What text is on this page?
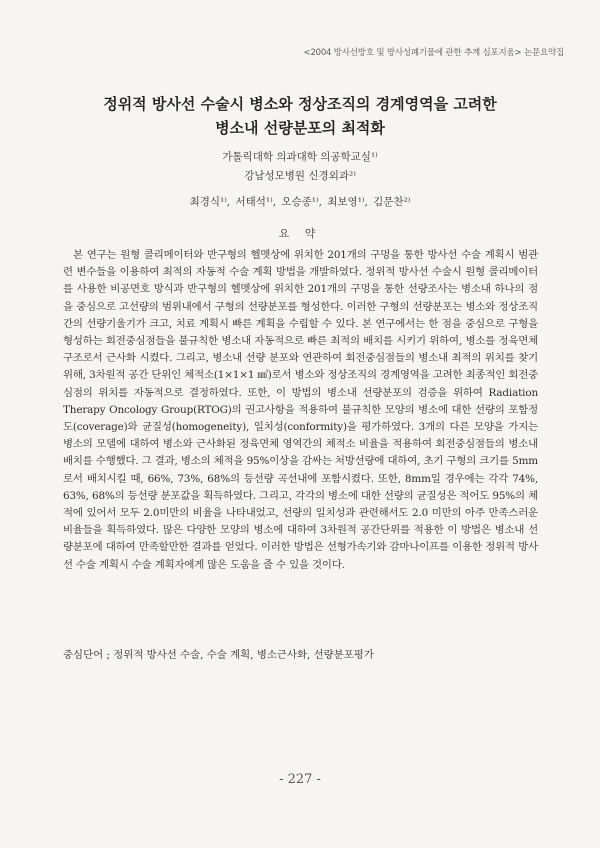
<2004 방사선방호 및 방사성폐기물에 관한 추계 심포지움> 논문요약집
정위적 방사선 수술시 병소와 정상조직의 경계영역을 고려한
병소내 선량분포의 최적화
가톨릭대학 의과대학 의공학교실¹⁾
강남성모병원 신경외과²⁾
최경식¹⁾, 서태석¹⁾, 오승종¹⁾, 최보영¹⁾, 김문찬²⁾
요 약
본 연구는 원형 콜리메이터와 반구형의 헬멧상에 위치한 201개의 구멍을 통한 방사선 수술 계획시 범관련 변수들을 이용하여 최적의 자동적 수술 계획 방법을 개발하였다. 정위적 방사선 수술시 원형 콜리메이터를 사용한 비공면호 방식과 반구형의 헬멧상에 위치한 201개의 구멍을 통한 선량조사는 병소내 하나의 점을 중심으로 고선량의 범위내에서 구형의 선량분포를 형성한다. 이러한 구형의 선량분포는 병소와 정상조직간의 선량기울기가 크고, 치료 계획시 빠른 계획을 수립할 수 있다. 본 연구에서는 한 점을 중심으로 구형을 형성하는 회전중심점들을 불규칙한 병소내 자동적으로 빠른 최적의 배치를 시키기 위하여, 병소를 정육면체 구조로서 근사화 시켰다. 그리고, 병소내 선량 분포와 연관하여 회전중심점들의 병소내 최적의 위치를 찾기 위해, 3차원적 공간 단위인 체적소(1×1×1 ㎣)로서 병소와 정상조직의 경계영역을 고려한 최종적인 회전중심점의 위치를 자동적으로 결정하였다. 또한, 이 방법의 병소내 선량분포의 검증을 위하여 Radiation Therapy Oncology Group(RTOG)의 권고사항을 적용하여 불규칙한 모양의 병소에 대한 선량의 포함정도(coverage)와 균질성(homogeneity), 일치성(conformity)을 평가하였다. 3개의 다른 모양을 가지는 병소의 모델에 대하여 병소와 근사화된 정육면체 영역간의 체적소 비율을 적용하여 회전중심점들의 병소내 배치를 수행했다. 그 결과, 병소의 체적을 95%이상을 감싸는 처방선량에 대하여, 초기 구형의 크기를 5mm로서 배치시킬 때, 66%, 73%, 68%의 등선량 곡선내에 포함시켰다. 또한, 8mm일 경우에는 각각 74%, 63%, 68%의 등선량 분포값을 획득하였다. 그리고, 각각의 병소에 대한 선량의 균질성은 적어도 95%의 체적에 있어서 모두 2.0미만의 비율을 나타내었고, 선량의 일치성과 관련해서도 2.0 미만의 아주 만족스러운 비율들을 획득하였다. 많은 다양한 모양의 병소에 대하여 3차원적 공간단위를 적용한 이 방법은 병소내 선량분포에 대하여 만족할만한 결과를 얻었다. 이러한 방법은 선형가속기와 감마나이프를 이용한 정위적 방사선 수술 계획시 수술 계획자에게 많은 도움을 줄 수 있을 것이다.
중심단어 ; 정위적 방사선 수술, 수술 계획, 병소근사화, 선량분포평가
- 227 -
